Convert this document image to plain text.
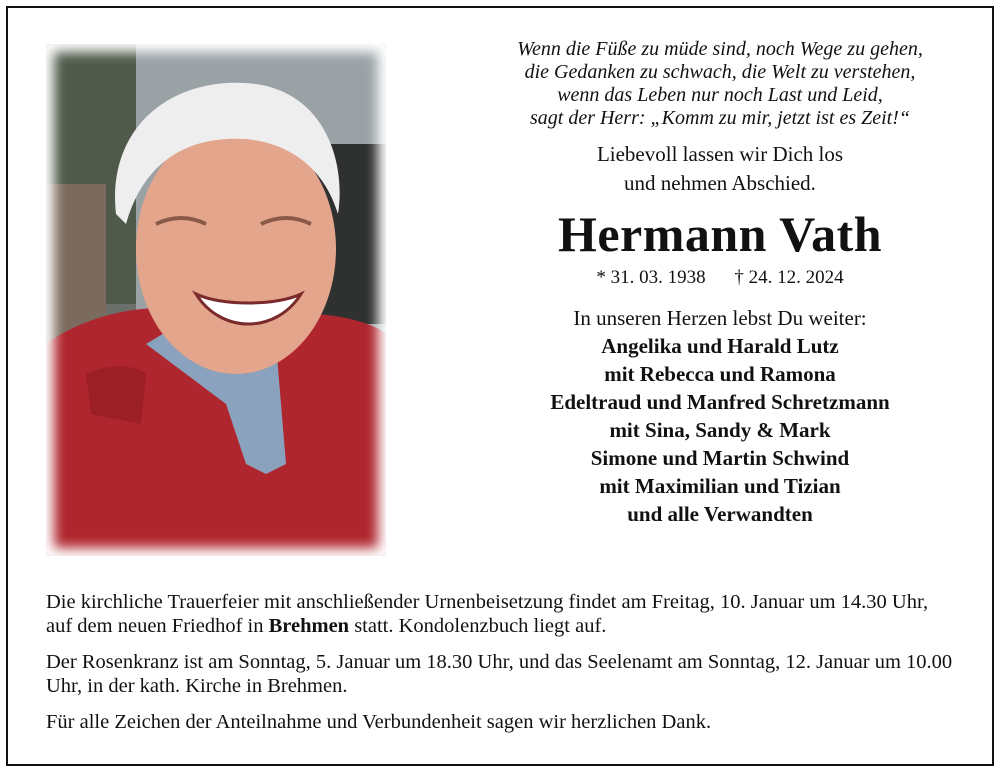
Wenn die Füße zu müde sind, noch Wege zu gehen,
die Gedanken zu schwach, die Welt zu verstehen,
wenn das Leben nur noch Last und Leid,
sagt der Herr: „Komm zu mir, jetzt ist es Zeit!“
Liebevoll lassen wir Dich los
und nehmen Abschied.
Hermann Vath
* 31. 03. 1938 † 24. 12. 2024
In unseren Herzen lebst Du weiter:
Angelika und Harald Lutz
mit Rebecca und Ramona
Edeltraud und Manfred Schretzmann
mit Sina, Sandy & Mark
Simone und Martin Schwind
mit Maximilian und Tizian
und alle Verwandten

Die kirchliche Trauerfeier mit anschließender Urnenbeisetzung findet am Freitag, 10. Januar um 14.30 Uhr, auf dem neuen Friedhof in Brehmen statt. Kondolenzbuch liegt auf.

Der Rosenkranz ist am Sonntag, 5. Januar um 18.30 Uhr, und das Seelenamt am Sonntag, 12. Januar um 10.00 Uhr, in der kath. Kirche in Brehmen.

Für alle Zeichen der Anteilnahme und Verbundenheit sagen wir herzlichen Dank.
